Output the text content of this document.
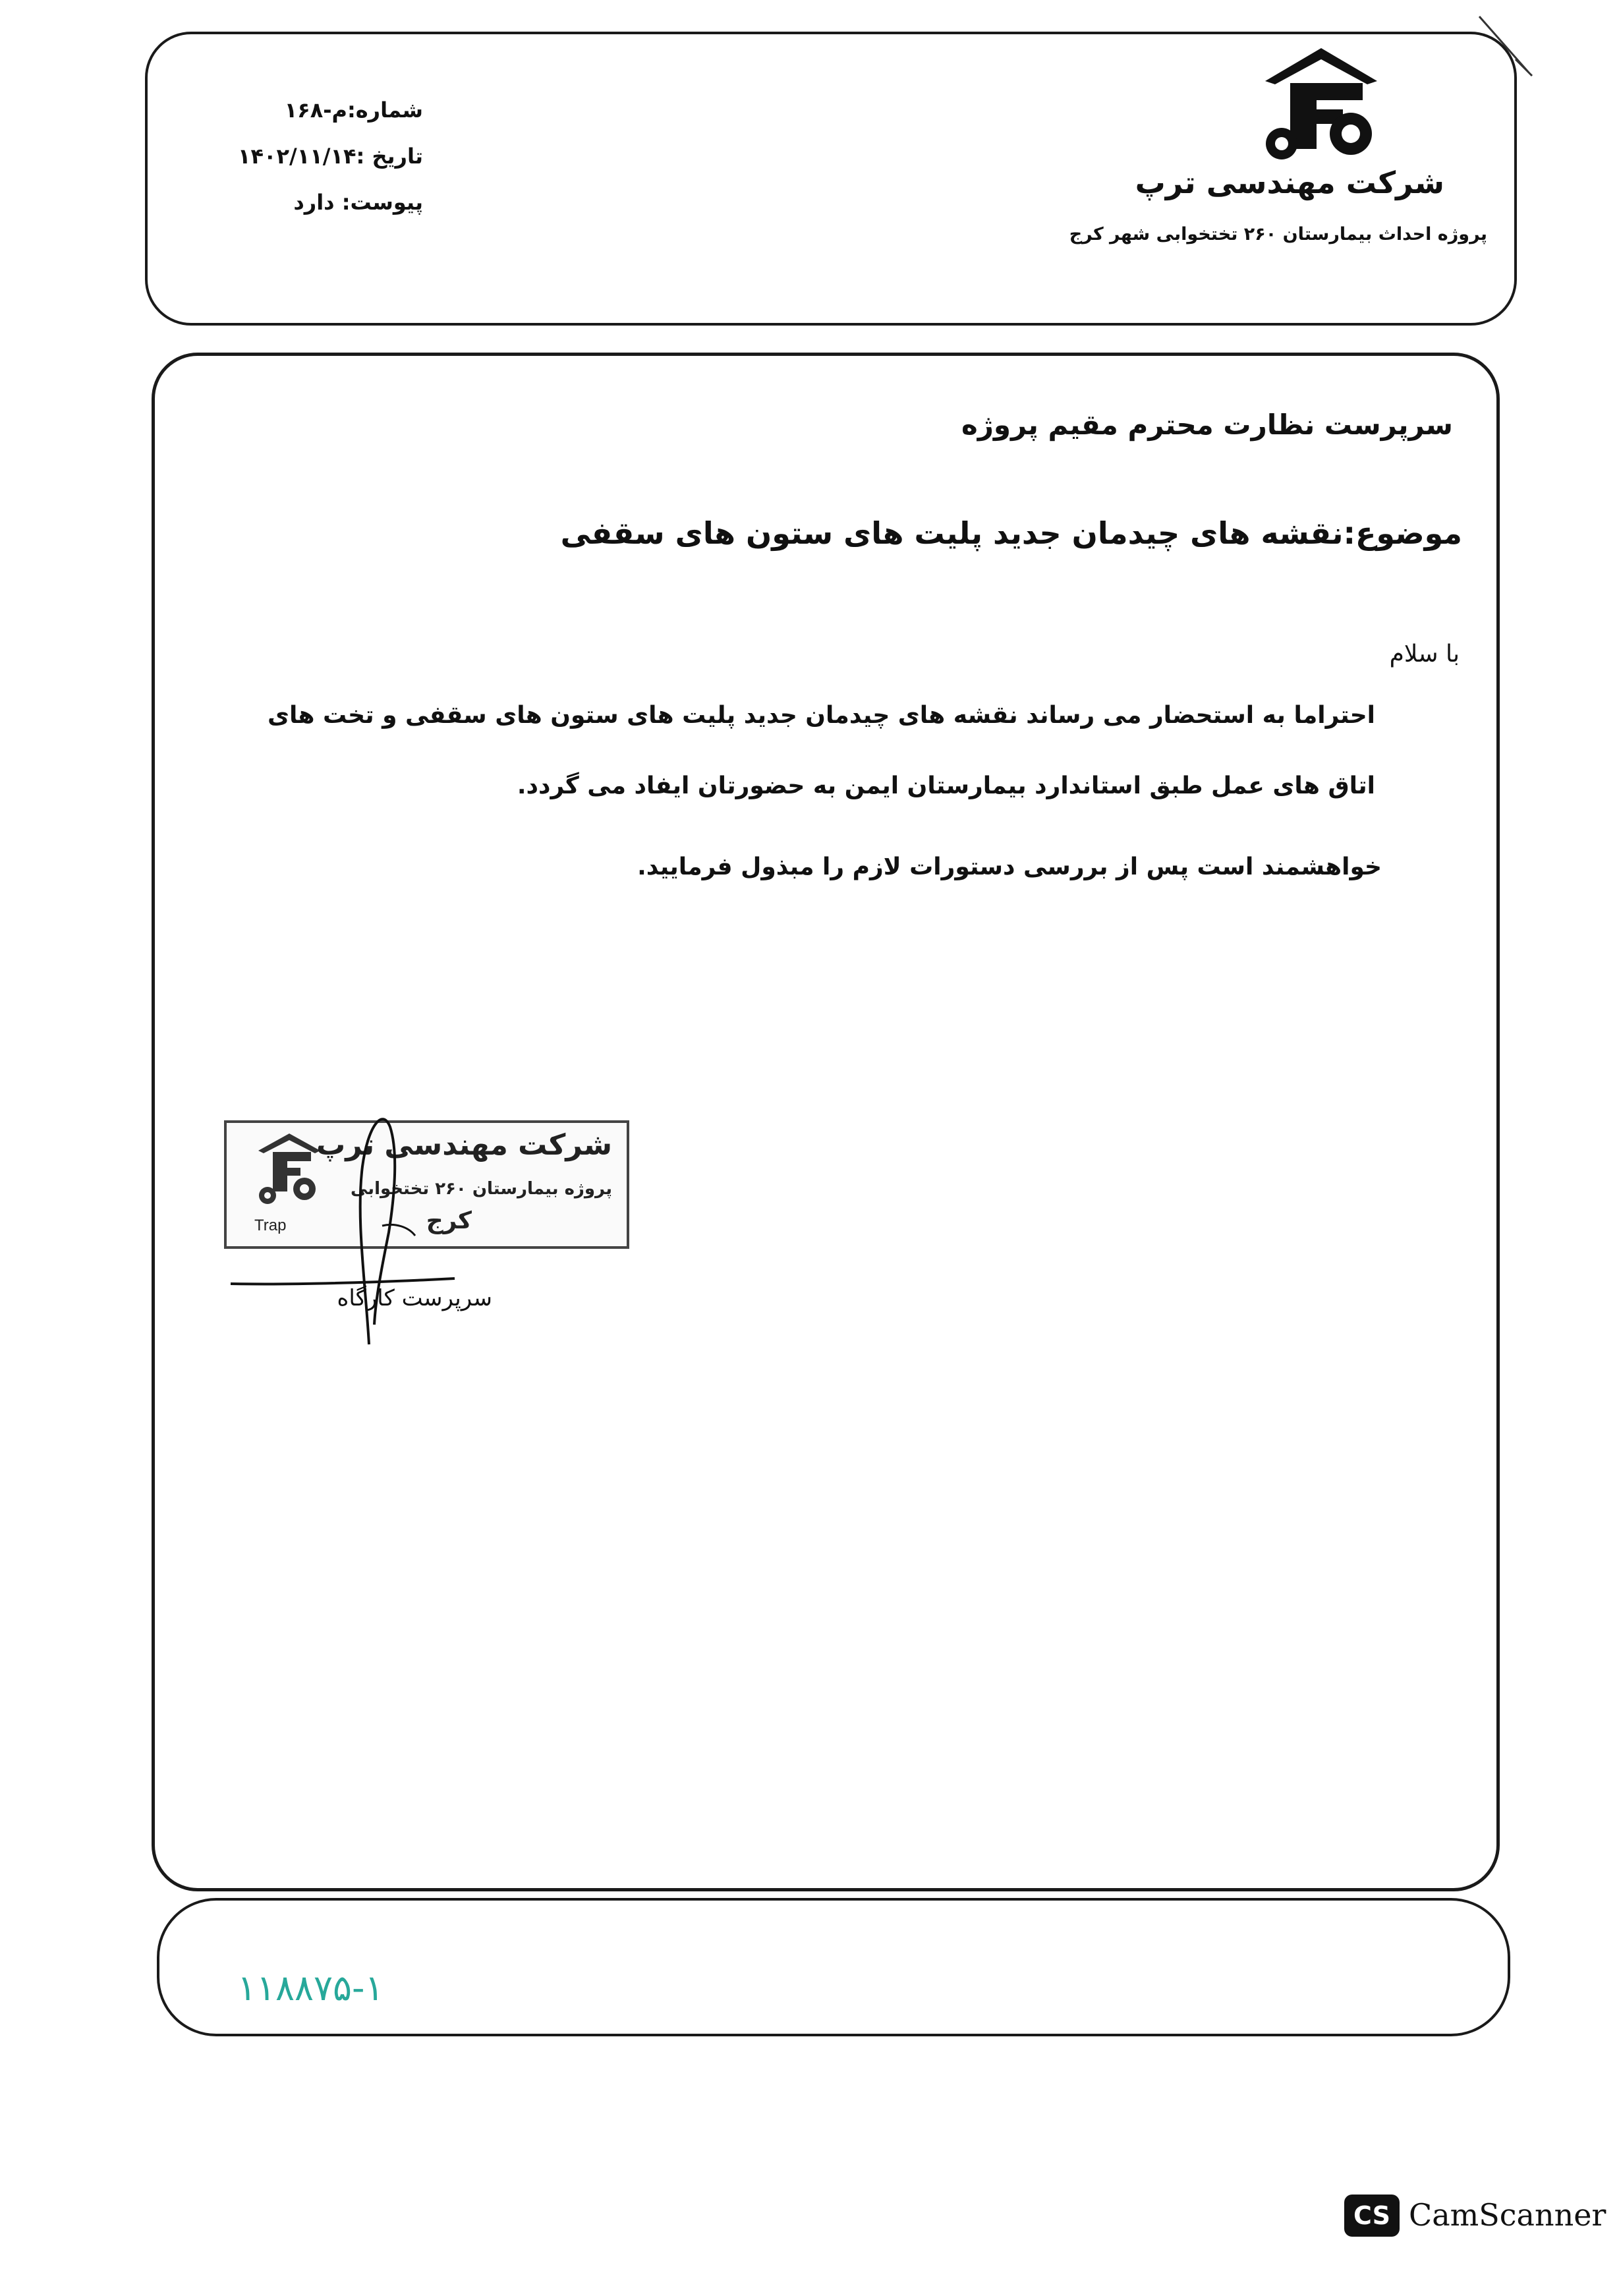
شرکت مهندسی ترپ
پروژه احداث بیمارستان ۲۶۰ تختخوابی شهر کرج
شماره:م-۱۶۸
تاریخ :۱۴۰۲/۱۱/۱۴
پیوست: دارد
سرپرست نظارت محترم مقیم پروژه
موضوع:نقشه های چیدمان جدید پلیت های ستون های سقفی
با سلام
احتراما به استحضار می رساند نقشه های چیدمان جدید پلیت های ستون های سقفی و تخت های
اتاق های عمل طبق استاندارد بیمارستان ایمن به حضورتان ایفاد می گردد.
خواهشمند است پس از بررسی دستورات لازم را مبذول فرمایید.
Trap
شرکت مهندسی ترپ
پروژه بیمارستان ۲۶۰ تختخوابی
کرج
سرپرست کارگاه
۱۱۸۸۷۵-۱
CS CamScanner
